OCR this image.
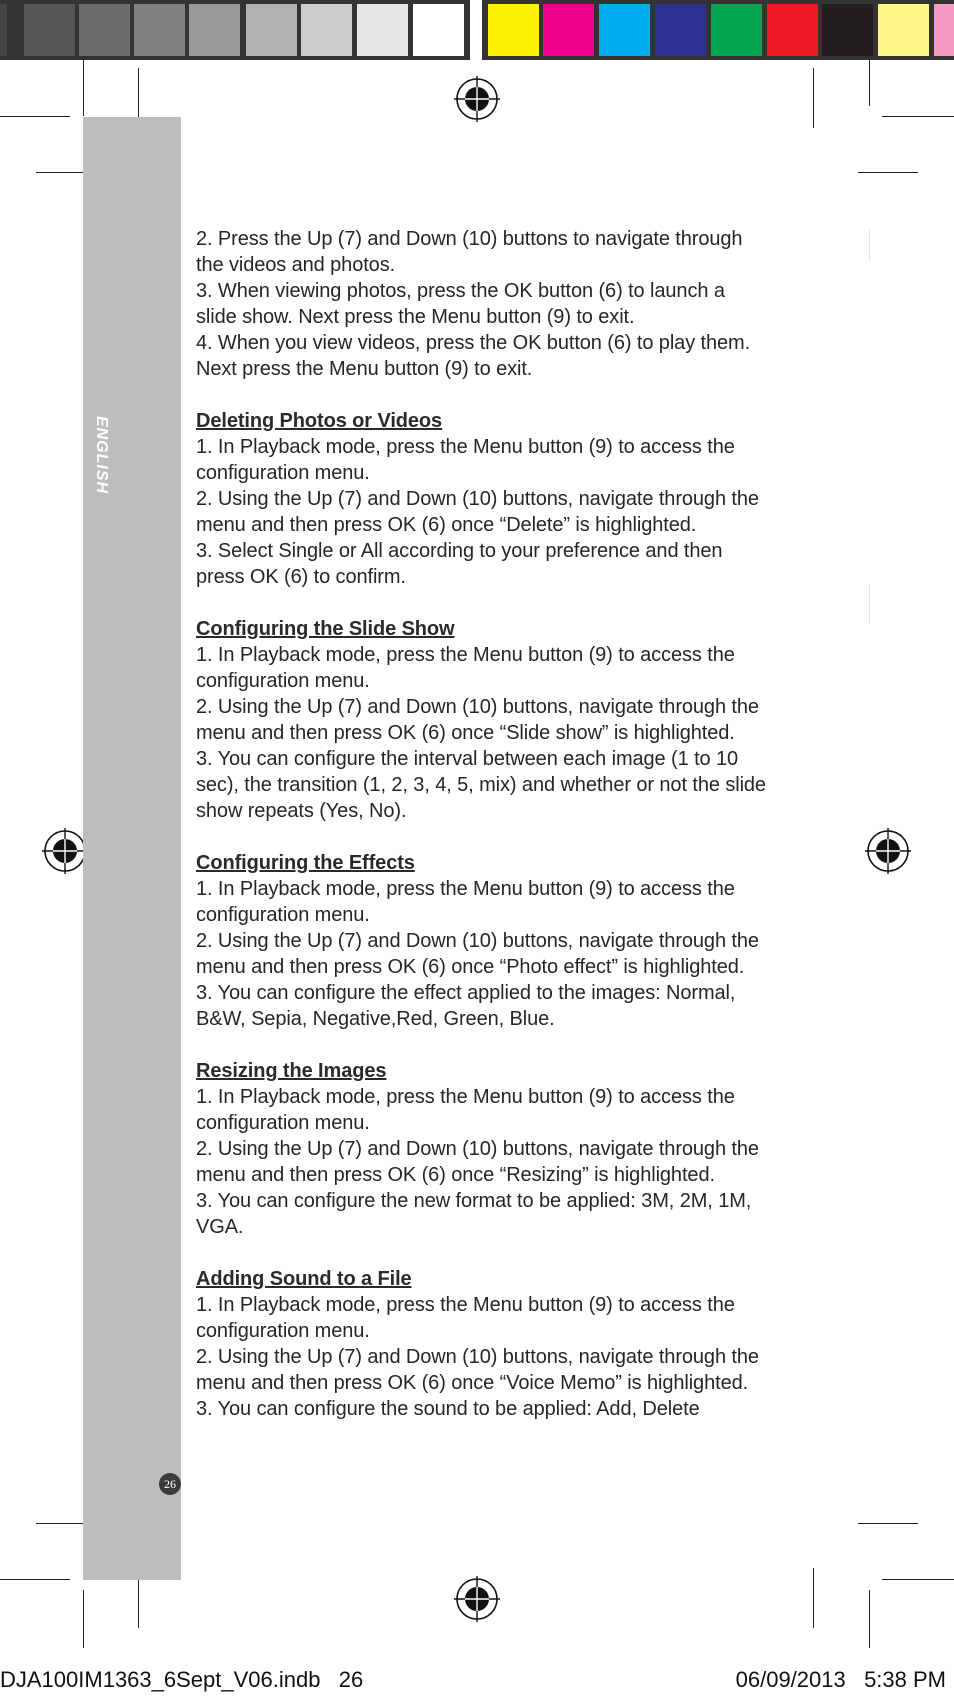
ENGLISH
26

2. Press the Up (7) and Down (10) buttons to navigate through the videos and photos.

3. When viewing photos, press the OK button (6) to launch a slide show. Next press the Menu button (9) to exit.

4. When you view videos, press the OK button (6) to play them. Next press the Menu button (9) to exit.

Deleting Photos or Videos

1. In Playback mode, press the Menu button (9) to access the configuration menu.

2. Using the Up (7) and Down (10) buttons, navigate through the menu and then press OK (6) once “Delete” is highlighted.

3. Select Single or All according to your preference and then press OK (6) to confirm.

Configuring the Slide Show

1. In Playback mode, press the Menu button (9) to access the configuration menu.

2. Using the Up (7) and Down (10) buttons, navigate through the menu and then press OK (6) once “Slide show” is highlighted.

3. You can configure the interval between each image (1 to 10 sec), the transition (1, 2, 3, 4, 5, mix) and whether or not the slide show repeats (Yes, No).

Configuring the Effects

1. In Playback mode, press the Menu button (9) to access the configuration menu.

2. Using the Up (7) and Down (10) buttons, navigate through the menu and then press OK (6) once “Photo effect” is highlighted.

3. You can configure the effect applied to the images: Normal, B&W, Sepia, Negative,Red, Green, Blue.

Resizing the Images

1. In Playback mode, press the Menu button (9) to access the configuration menu.

2. Using the Up (7) and Down (10) buttons, navigate through the menu and then press OK (6) once “Resizing” is highlighted.

3. You can configure the new format to be applied: 3M, 2M, 1M, VGA.

Adding Sound to a File

1. In Playback mode, press the Menu button (9) to access the configuration menu.

2. Using the Up (7) and Down (10) buttons, navigate through the menu and then press OK (6) once “Voice Memo” is highlighted.

3. You can configure the sound to be applied: Add, Delete

DJA100IM1363_6Sept_V06.indb   26	06/09/2013   5:38 PM
